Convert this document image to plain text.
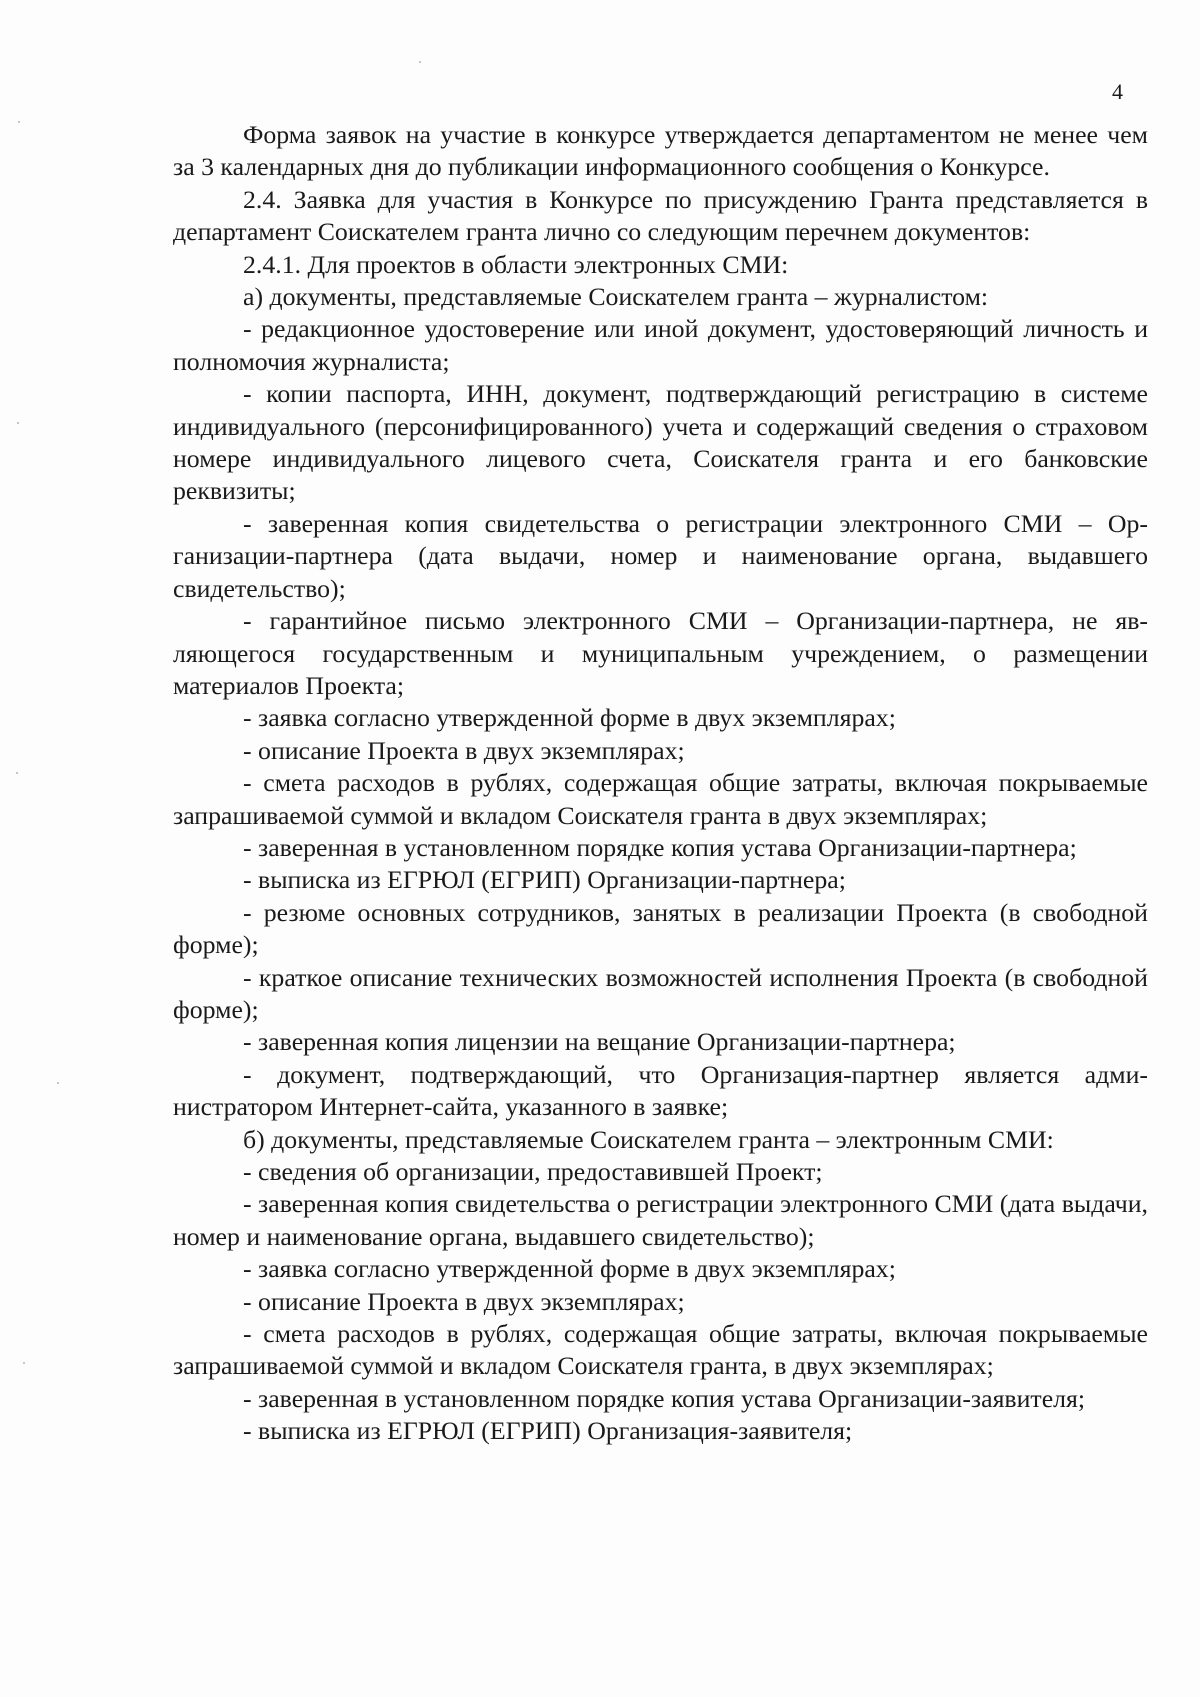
4

Форма заявок на участие в конкурсе утверждается департаментом не менее чем за 3 календарных дня до публикации информационного сообщения о Конкурсе.

2.4. Заявка для участия в Конкурсе по присуждению Гранта представляется в департамент Соискателем гранта лично со следующим перечнем документов:

2.4.1. Для проектов в области электронных СМИ:

а) документы, представляемые Соискателем гранта – журналистом:

- редакционное удостоверение или иной документ, удостоверяющий личность и полномочия журналиста;

- копии паспорта, ИНН, документ, подтверждающий регистрацию в системе индивидуального (персонифицированного) учета и содержащий сведения о страховом номере индивидуального лицевого счета, Соискателя гранта и его банковские реквизиты;

- заверенная копия свидетельства о регистрации электронного СМИ – Организации-партнера (дата выдачи, номер и наименование органа, выдавшего свидетельство);

- гарантийное письмо электронного СМИ – Организации-партнера, не являющегося государственным и муниципальным учреждением, о размещении материалов Проекта;

- заявка согласно утвержденной форме в двух экземплярах;

- описание Проекта в двух экземплярах;

- смета расходов в рублях, содержащая общие затраты, включая покрываемые запрашиваемой суммой и вкладом Соискателя гранта в двух экземплярах;

- заверенная в установленном порядке копия устава Организации-партнера;

- выписка из ЕГРЮЛ (ЕГРИП) Организации-партнера;

- резюме основных сотрудников, занятых в реализации Проекта (в свободной форме);

- краткое описание технических возможностей исполнения Проекта (в свободной форме);

- заверенная копия лицензии на вещание Организации-партнера;

- документ, подтверждающий, что Организация-партнер является администратором Интернет-сайта, указанного в заявке;

б) документы, представляемые Соискателем гранта – электронным СМИ:

- сведения об организации, предоставившей Проект;

- заверенная копия свидетельства о регистрации электронного СМИ (дата выдачи, номер и наименование органа, выдавшего свидетельство);

- заявка согласно утвержденной форме в двух экземплярах;

- описание Проекта в двух экземплярах;

- смета расходов в рублях, содержащая общие затраты, включая покрываемые запрашиваемой суммой и вкладом Соискателя гранта, в двух экземплярах;

- заверенная в установленном порядке копия устава Организации-заявителя;

- выписка из ЕГРЮЛ (ЕГРИП) Организация-заявителя;
